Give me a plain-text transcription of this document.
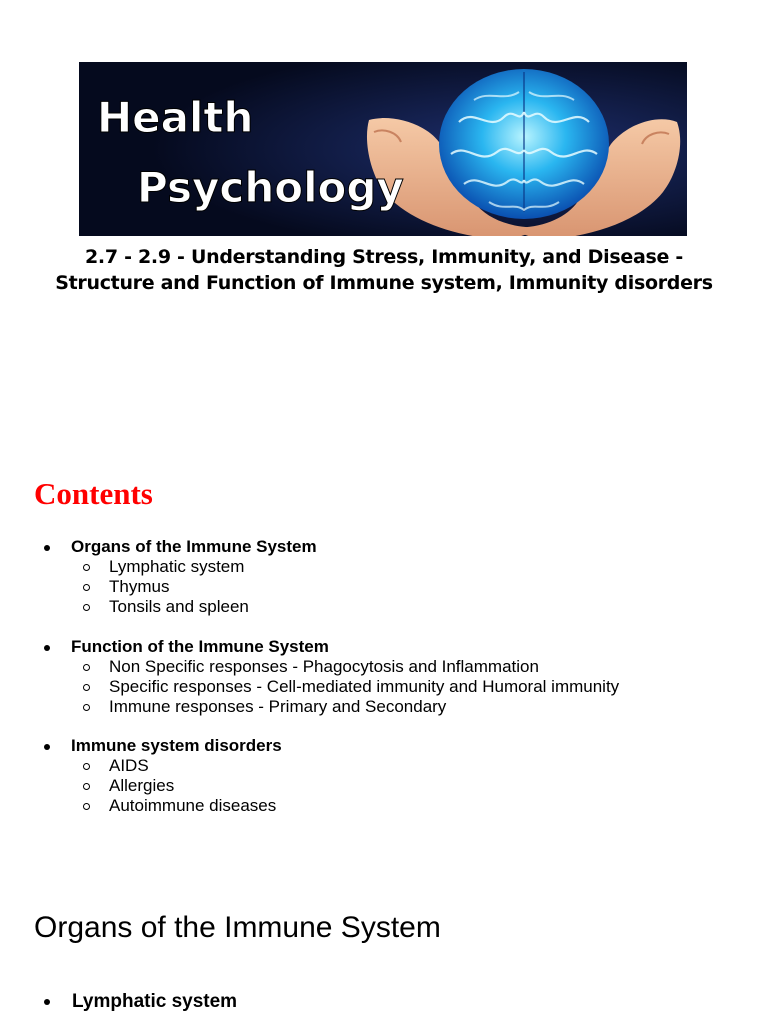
Health
Psychology
2.7 - 2.9 - Understanding Stress, Immunity, and Disease -
Structure and Function of Immune system, Immunity disorders
Contents
Organs of the Immune System
Lymphatic system
Thymus
Tonsils and spleen
Function of the Immune System
Non Specific responses - Phagocytosis and Inflammation
Specific responses - Cell-mediated immunity and Humoral immunity
Immune responses - Primary and Secondary
Immune system disorders
AIDS
Allergies
Autoimmune diseases
Organs of the Immune System
Lymphatic system
